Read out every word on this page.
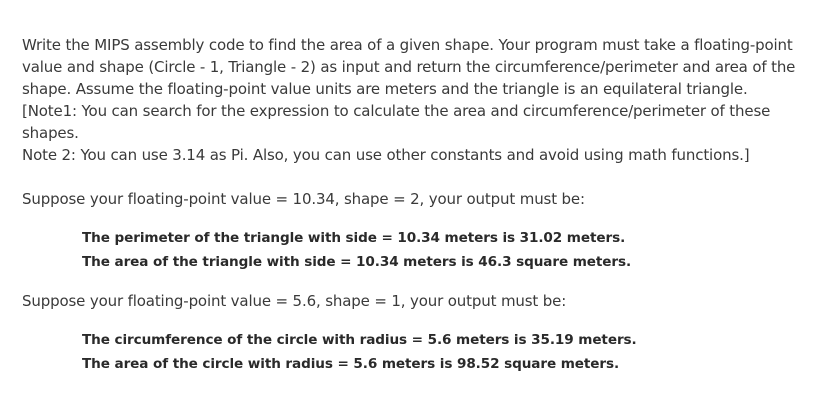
Write the MIPS assembly code to find the area of a given shape. Your program must take a floating-point
value and shape (Circle - 1, Triangle - 2) as input and return the circumference/perimeter and area of the
shape. Assume the floating-point value units are meters and the triangle is an equilateral triangle.
[Note1: You can search for the expression to calculate the area and circumference/perimeter of these
shapes.
Note 2: You can use 3.14 as Pi. Also, you can use other constants and avoid using math functions.]
Suppose your floating-point value = 10.34, shape = 2, your output must be:
The perimeter of the triangle with side = 10.34 meters is 31.02 meters.
The area of the triangle with side = 10.34 meters is 46.3 square meters.
Suppose your floating-point value = 5.6, shape = 1, your output must be:
The circumference of the circle with radius = 5.6 meters is 35.19 meters.
The area of the circle with radius = 5.6 meters is 98.52 square meters.
